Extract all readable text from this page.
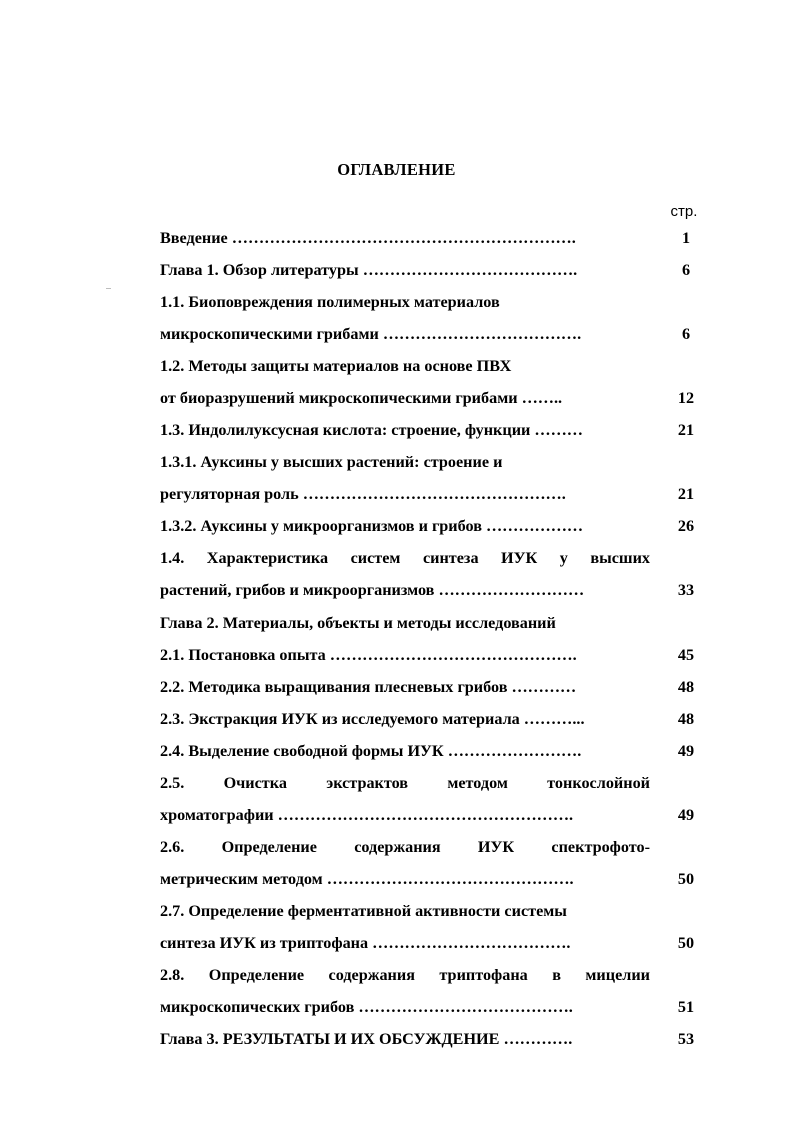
ОГЛАВЛЕНИЕ
стр.
Введение ……………………………………………………….	1
Глава 1. Обзор литературы ………………………………….	6
1.1. Биоповреждения полимерных материалов
микроскопическими грибами ……………………………….	6
1.2. Методы защиты материалов на основе ПВХ
от биоразрушений микроскопическими грибами ……..	12
1.3. Индолилуксусная кислота: строение, функции ………	21
1.3.1. Ауксины у высших растений: строение и
регуляторная роль ………………………………………….	21
1.3.2. Ауксины у микроорганизмов и грибов ………………	26
1.4. Характеристика систем синтеза ИУК у высших
растений, грибов и микроорганизмов ………………………	33
Глава 2. Материалы, объекты и методы исследований
2.1. Постановка опыта ……………………………………….	45
2.2. Методика выращивания плесневых грибов …………	48
2.3. Экстракция ИУК из исследуемого материала ………...	48
2.4. Выделение свободной формы ИУК …………………….	49
2.5. Очистка экстрактов методом тонкослойной
хроматографии ……………………………………………….	49
2.6. Определение содержания ИУК спектрофото-
метрическим методом ……………………………………….	50
2.7. Определение ферментативной активности системы
синтеза ИУК из триптофана ……………………………….	50
2.8. Определение содержания триптофана в мицелии
микроскопических грибов ………………………………….	51
Глава 3. РЕЗУЛЬТАТЫ И ИХ ОБСУЖДЕНИЕ ………….	53
